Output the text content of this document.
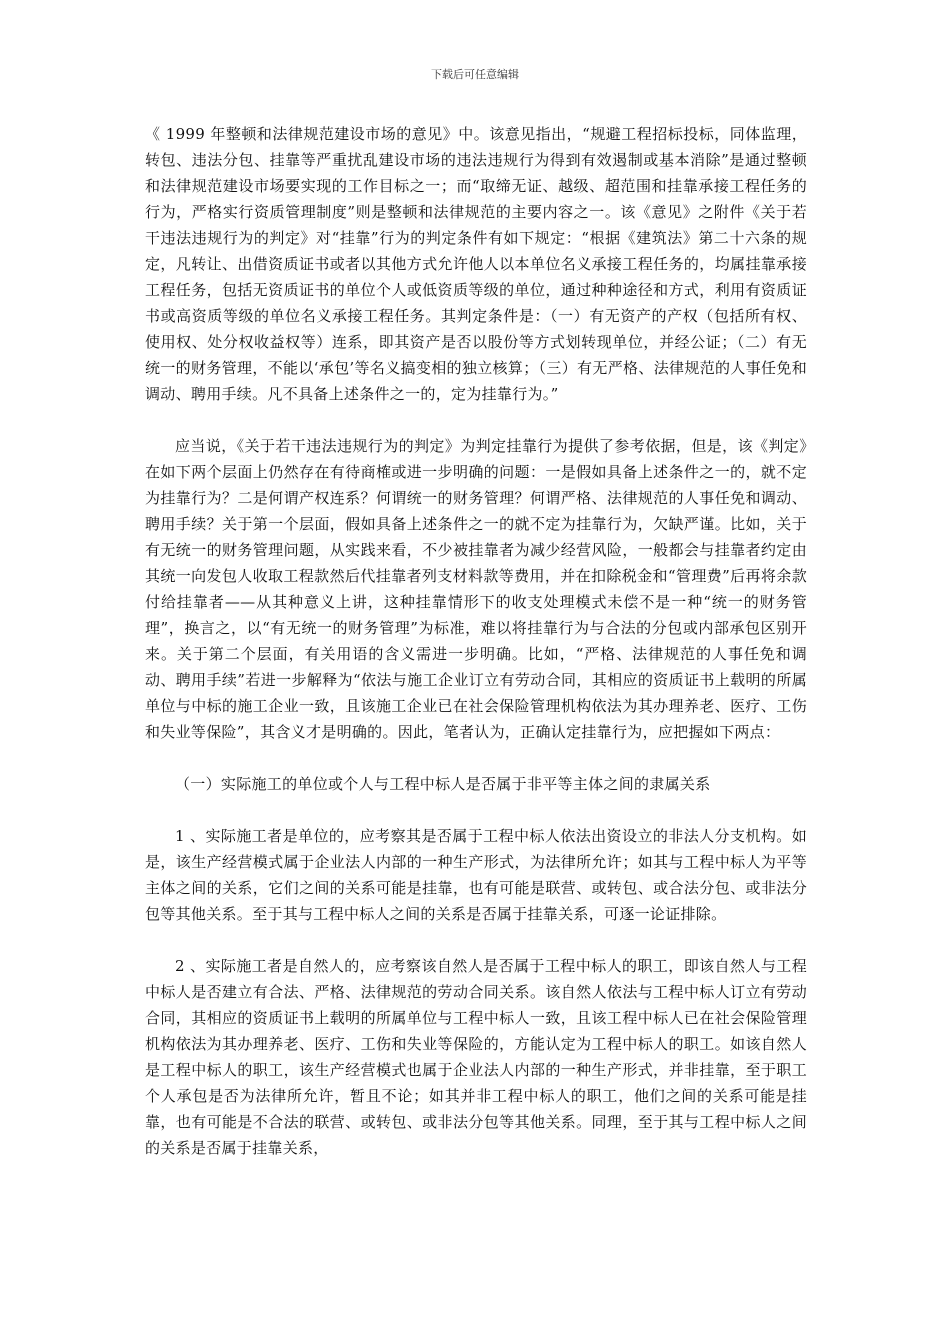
下载后可任意编辑

《 1999 年整顿和法律规范建设市场的意见》中。该意见指出，“规避工程招标投标，同体监理，转包、违法分包、挂靠等严重扰乱建设市场的违法违规行为得到有效遏制或基本消除”是通过整顿和法律规范建设市场要实现的工作目标之一；而“取缔无证、越级、超范围和挂靠承接工程任务的行为，严格实行资质管理制度”则是整顿和法律规范的主要内容之一。该《意见》之附件《关于若干违法违规行为的判定》对“挂靠”行为的判定条件有如下规定：“根据《建筑法》第二十六条的规定，凡转让、出借资质证书或者以其他方式允许他人以本单位名义承接工程任务的，均属挂靠承接工程任务，包括无资质证书的单位个人或低资质等级的单位，通过种种途径和方式，利用有资质证书或高资质等级的单位名义承接工程任务。其判定条件是：（一）有无资产的产权（包括所有权、使用权、处分权收益权等）连系，即其资产是否以股份等方式划转现单位，并经公证；（二）有无统一的财务管理，不能以‘承包’等名义搞变相的独立核算；（三）有无严格、法律规范的人事任免和调动、聘用手续。凡不具备上述条件之一的，定为挂靠行为。”

应当说，《关于若干违法违规行为的判定》为判定挂靠行为提供了参考依据，但是，该《判定》在如下两个层面上仍然存在有待商榷或进一步明确的问题：一是假如具备上述条件之一的，就不定为挂靠行为？二是何谓产权连系？何谓统一的财务管理？何谓严格、法律规范的人事任免和调动、聘用手续？关于第一个层面，假如具备上述条件之一的就不定为挂靠行为，欠缺严谨。比如，关于有无统一的财务管理问题，从实践来看，不少被挂靠者为减少经营风险，一般都会与挂靠者约定由其统一向发包人收取工程款然后代挂靠者列支材料款等费用，并在扣除税金和“管理费”后再将余款付给挂靠者——从其种意义上讲，这种挂靠情形下的收支处理模式未偿不是一种“统一的财务管理”，换言之，以“有无统一的财务管理”为标准，难以将挂靠行为与合法的分包或内部承包区别开来。关于第二个层面，有关用语的含义需进一步明确。比如，“严格、法律规范的人事任免和调动、聘用手续”若进一步解释为“依法与施工企业订立有劳动合同，其相应的资质证书上载明的所属单位与中标的施工企业一致，且该施工企业已在社会保险管理机构依法为其办理养老、医疗、工伤和失业等保险”，其含义才是明确的。因此，笔者认为，正确认定挂靠行为，应把握如下两点：

（一）实际施工的单位或个人与工程中标人是否属于非平等主体之间的隶属关系

1 、实际施工者是单位的，应考察其是否属于工程中标人依法出资设立的非法人分支机构。如是，该生产经营模式属于企业法人内部的一种生产形式，为法律所允许；如其与工程中标人为平等主体之间的关系，它们之间的关系可能是挂靠，也有可能是联营、或转包、或合法分包、或非法分包等其他关系。至于其与工程中标人之间的关系是否属于挂靠关系，可逐一论证排除。

2 、实际施工者是自然人的，应考察该自然人是否属于工程中标人的职工，即该自然人与工程中标人是否建立有合法、严格、法律规范的劳动合同关系。该自然人依法与工程中标人订立有劳动合同，其相应的资质证书上载明的所属单位与工程中标人一致，且该工程中标人已在社会保险管理机构依法为其办理养老、医疗、工伤和失业等保险的，方能认定为工程中标人的职工。如该自然人是工程中标人的职工，该生产经营模式也属于企业法人内部的一种生产形式，并非挂靠，至于职工个人承包是否为法律所允许，暂且不论；如其并非工程中标人的职工，他们之间的关系可能是挂靠，也有可能是不合法的联营、或转包、或非法分包等其他关系。同理，至于其与工程中标人之间的关系是否属于挂靠关系，
